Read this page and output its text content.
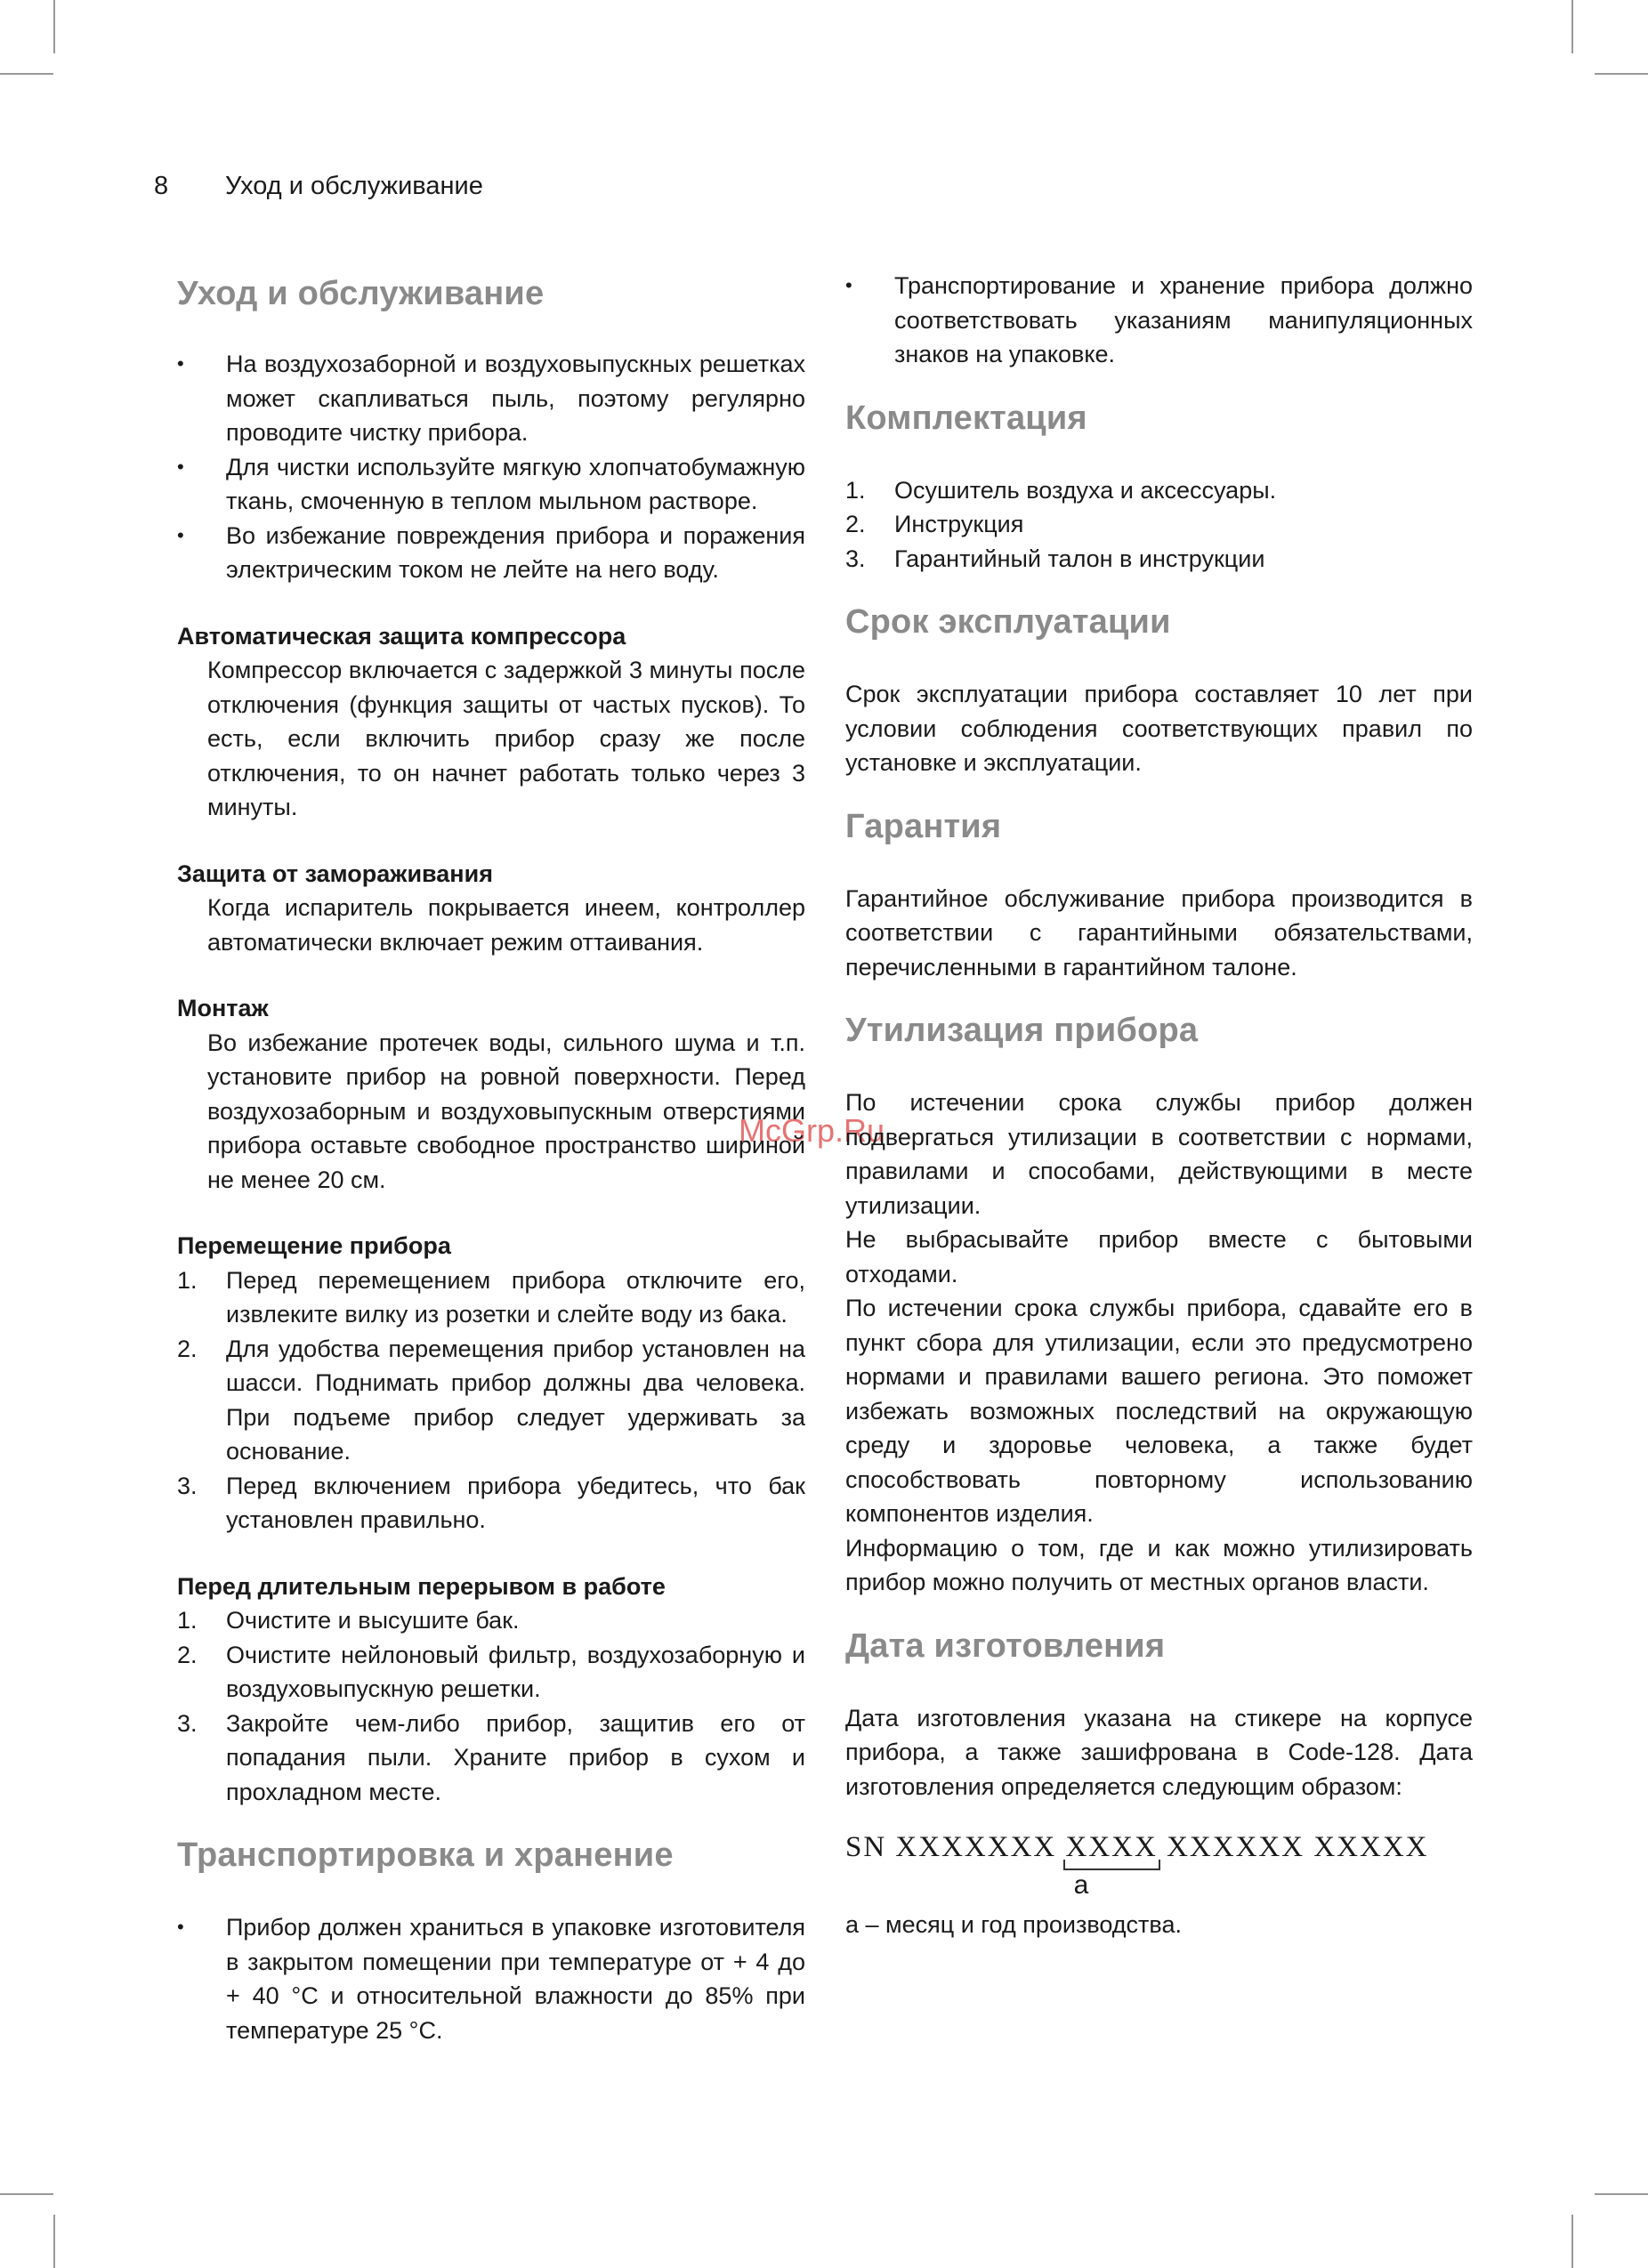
8 Уход и обслуживание
McGrp.Ru
Уход и обслуживание
• На воздухозаборной и воздуховыпускных решетках может скапливаться пыль, поэтому регулярно проводите чистку прибора.
• Для чистки используйте мягкую хлопчатобумажную ткань, смоченную в теплом мыльном растворе.
• Во избежание повреждения прибора и поражения электрическим током не лейте на него воду.
Автоматическая защита компрессора

Компрессор включается с задержкой 3 минуты после отключения (функция защиты от частых пусков). То есть, если включить прибор сразу же после отключения, то он начнет работать только через 3 минуты.

Защита от замораживания

Когда испаритель покрывается инеем, контроллер автоматически включает режим оттаивания.

Монтаж

Во избежание протечек воды, сильного шума и т.п. установите прибор на ровной поверхности. Перед воздухозаборным и воздуховыпускным отверстиями прибора оставьте свободное пространство шириной не менее 20 см.

Перемещение прибора
1. Перед перемещением прибора отключите его, извлеките вилку из розетки и слейте воду из бака.
2. Для удобства перемещения прибор установлен на шасси. Поднимать прибор должны два человека. При подъеме прибор следует удерживать за основание.
3. Перед включением прибора убедитесь, что бак установлен правильно.
Перед длительным перерывом в работе
1. Очистите и высушите бак.
2. Очистите нейлоновый фильтр, воздухозаборную и воздуховыпускную решетки.
3. Закройте чем-либо прибор, защитив его от попадания пыли. Храните прибор в сухом и прохладном месте.
Транспортировка и хранение
• Прибор должен храниться в упаковке изготовителя в закрытом помещении при температуре от + 4 до + 40 °С и относительной влажности до 85% при температуре 25 °С.
• Транспортирование и хранение прибора должно соответствовать указаниям манипуляционных знаков на упаковке.
Комплектация
1. Осушитель воздуха и аксессуары.
2. Инструкция
3. Гарантийный талон в инструкции
Срок эксплуатации

Срок эксплуатации прибора составляет 10 лет при условии соблюдения соответствующих правил по установке и эксплуатации.

Гарантия

Гарантийное обслуживание прибора производится в соответствии с гарантийными обязательствами, перечисленными в гарантийном талоне.

Утилизация прибора

По истечении срока службы прибор должен подвергаться утилизации в соответствии с нормами, правилами и способами, действующими в месте утилизации.

Не выбрасывайте прибор вместе с бытовыми отходами.

По истечении срока службы прибора, сдавайте его в пункт сбора для утилизации, если это предусмотрено нормами и правилами вашего региона. Это поможет избежать возможных последствий на окружающую среду и здоровье человека, а также будет способствовать повторному использованию компонентов изделия.

Информацию о том, где и как можно утилизировать прибор можно получить от местных органов власти.

Дата изготовления

Дата изготовления указана на стикере на корпусе прибора, а также зашифрована в Code-128. Дата изготовления определяется следующим образом:

SN XXXXXXX XXXX XXXXXX XXXXX
a

a – месяц и год производства.
